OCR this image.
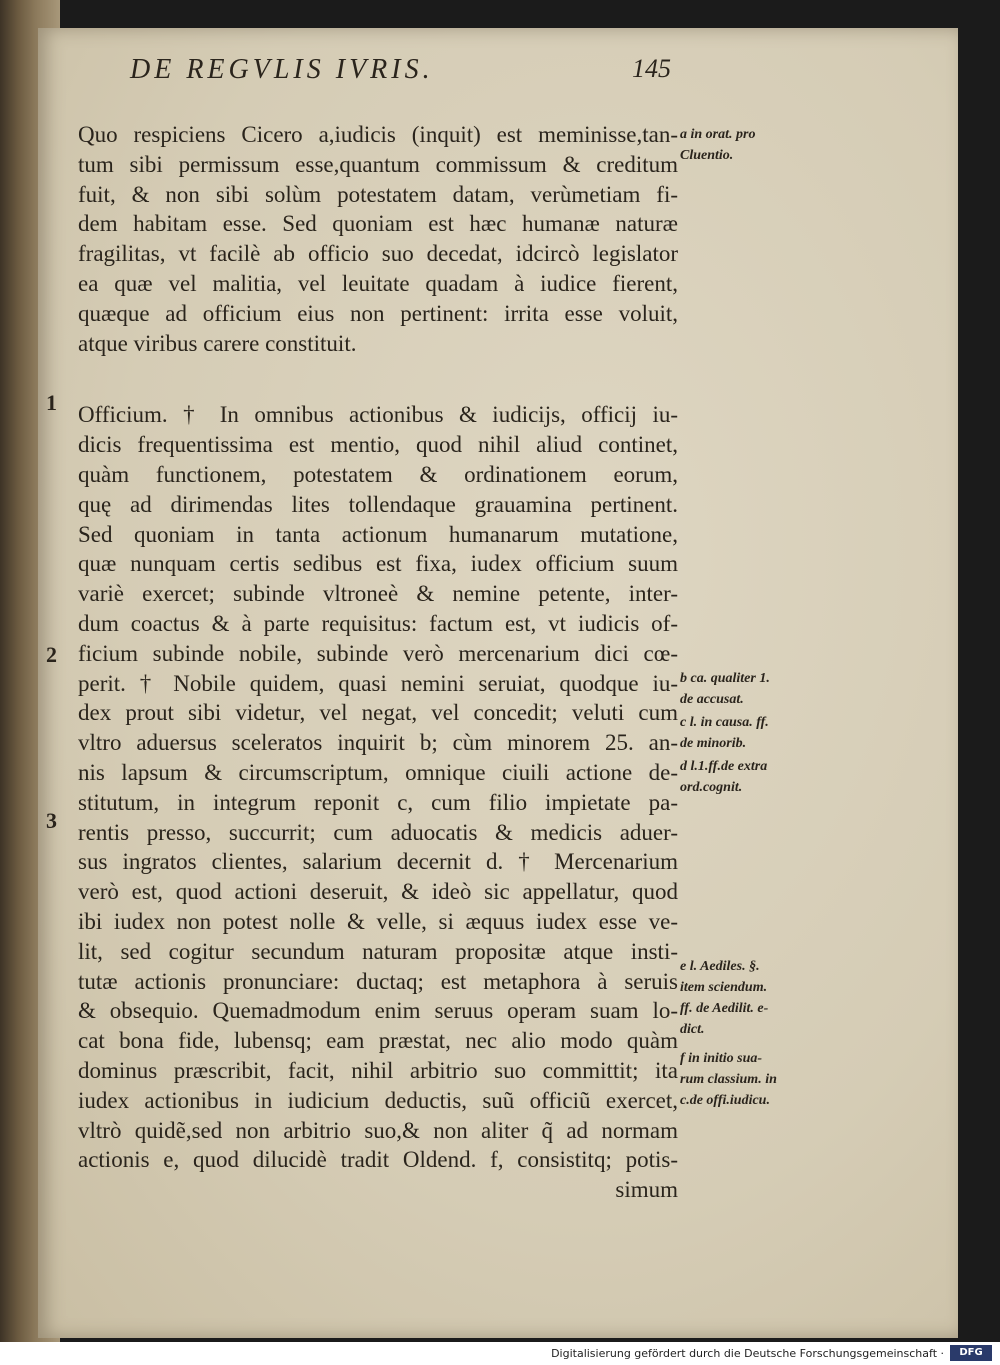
DE REGVLIS IVRIS.	145
Quo respiciens Cicero a,iudicis (inquit) est meminisse,tan-
tum sibi permissum esse,quantum commissum & creditum
fuit, & non sibi solùm potestatem datam, verùmetiam fi-
dem habitam esse. Sed quoniam est hæc humanæ naturæ
fragilitas, vt facilè ab officio suo decedat, idcircò legislator
ea quæ vel malitia, vel leuitate quadam à iudice fierent,
quæque ad officium eius non pertinent: irrita esse voluit,
atque viribus carere constituit.
Officium. † In omnibus actionibus & iudicijs, officij iu-
dicis frequentissima est mentio, quod nihil aliud continet,
quàm functionem, potestatem & ordinationem eorum,
quę ad dirimendas lites tollendaque grauamina pertinent.
Sed quoniam in tanta actionum humanarum mutatione,
quæ nunquam certis sedibus est fixa, iudex officium suum
variè exercet; subinde vltroneè & nemine petente, inter-
dum coactus & à parte requisitus: factum est, vt iudicis of-
ficium subinde nobile, subinde verò mercenarium dici cœ-
perit. † Nobile quidem, quasi nemini seruiat, quodque iu-
dex prout sibi videtur, vel negat, vel concedit; veluti cum
vltro aduersus sceleratos inquirit b; cùm minorem 25. an-
nis lapsum & circumscriptum, omnique ciuili actione de-
stitutum, in integrum reponit c, cum filio impietate pa-
rentis presso, succurrit; cum aduocatis & medicis aduer-
sus ingratos clientes, salarium decernit d. † Mercenarium
verò est, quod actioni deseruit, & ideò sic appellatur, quod
ibi iudex non potest nolle & velle, si æquus iudex esse ve-
lit, sed cogitur secundum naturam propositæ atque insti-
tutæ actionis pronunciare: ductaq; est metaphora à seruis
& obsequio. Quemadmodum enim seruus operam suam lo-
cat bona fide, lubensq; eam præstat, nec alio modo quàm
dominus præscribit, facit, nihil arbitrio suo committit; ita
iudex actionibus in iudicium deductis, suũ officiũ exercet,
vltrò quidẽ,sed non arbitrio suo,& non aliter q̃ ad normam
actionis e, quod dilucidè tradit Oldend. f, consistitq; potis-
simum
1
2
3
a in orat. pro
Cluentio.
b ca. qualiter 1.
de accusat.
c l. in causa. ff.
de minorib.
d l.1.ff.de extra
ord.cognit.
e l. Aediles. §.
item sciendum.
ff. de Aedilit. e-
dict.
f in initio sua-
rum classium. in
c.de offi.iudicu.
Digitalisierung gefördert durch die Deutsche Forschungsgemeinschaft ·	DFG
